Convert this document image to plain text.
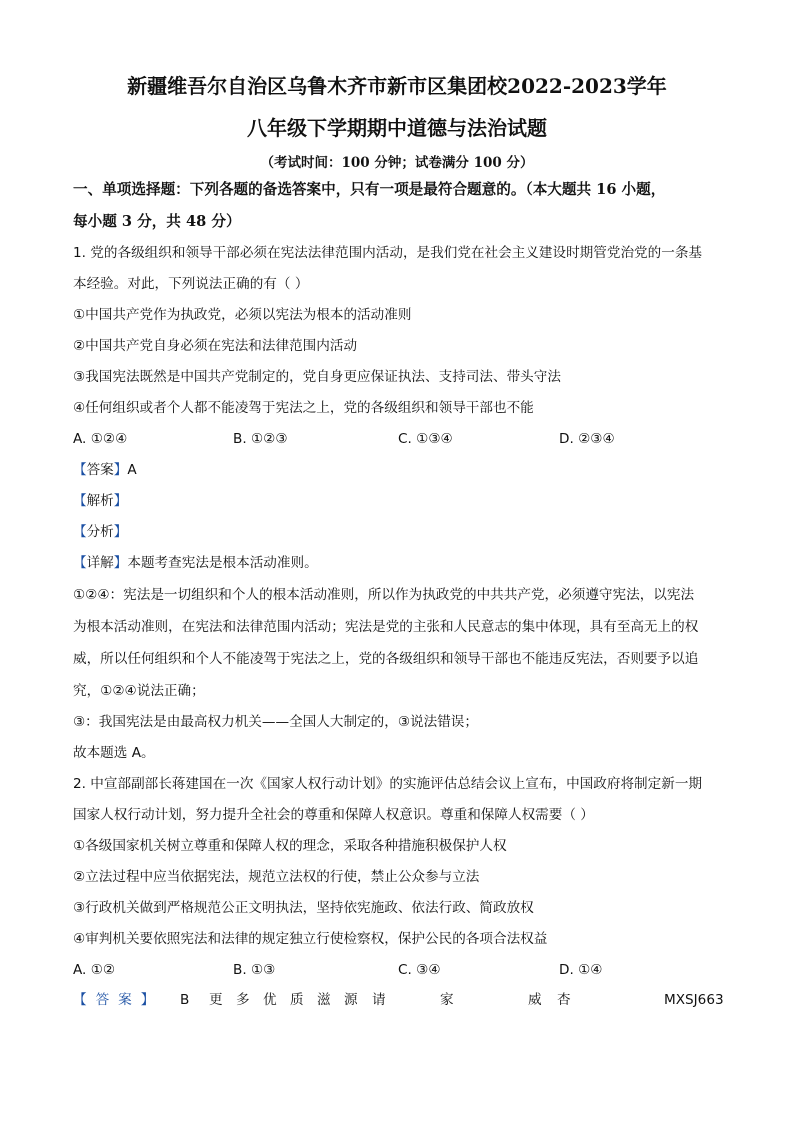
新疆维吾尔自治区乌鲁木齐市新市区集团校2022-2023学年
八年级下学期期中道德与法治试题
（考试时间：100 分钟；试卷满分 100 分）
一、单项选择题：下列各题的备选答案中，只有一项是最符合题意的。（本大题共 16 小题，
每小题 3 分，共 48 分）
1. 党的各级组织和领导干部必须在宪法法律范围内活动，是我们党在社会主义建设时期管党治党的一条基
本经验。对此，下列说法正确的有（ ）
①中国共产党作为执政党，必须以宪法为根本的活动准则
②中国共产党自身必须在宪法和法律范围内活动
③我国宪法既然是中国共产党制定的，党自身更应保证执法、支持司法、带头守法
④任何组织或者个人都不能凌驾于宪法之上，党的各级组织和领导干部也不能
A. ①②④	B. ①②③	C. ①③④	D. ②③④
【答案】A
【解析】
【分析】
【详解】本题考查宪法是根本活动准则。
①②④：宪法是一切组织和个人的根本活动准则，所以作为执政党的中共共产党，必须遵守宪法，以宪法
为根本活动准则，在宪法和法律范围内活动；宪法是党的主张和人民意志的集中体现，具有至高无上的权
威，所以任何组织和个人不能凌驾于宪法之上，党的各级组织和领导干部也不能违反宪法，否则要予以追
究，①②④说法正确；
③：我国宪法是由最高权力机关——全国人大制定的，③说法错误；
故本题选 A。
2. 中宣部副部长蒋建国在一次《国家人权行动计划》的实施评估总结会议上宣布，中国政府将制定新一期
国家人权行动计划，努力提升全社会的尊重和保障人权意识。尊重和保障人权需要（ ）
①各级国家机关树立尊重和保障人权的理念，采取各种措施积极保护人权
②立法过程中应当依据宪法，规范立法权的行使，禁止公众参与立法
③行政机关做到严格规范公正文明执法，坚持依宪施政、依法行政、简政放权
④审判机关要依照宪法和法律的规定独立行使检察权，保护公民的各项合法权益
A. ①②	B. ①③	C. ③④	D. ①④
【答案】 B 更 多 优 质 滋 源 请	家	威 杏	MXSJ663
